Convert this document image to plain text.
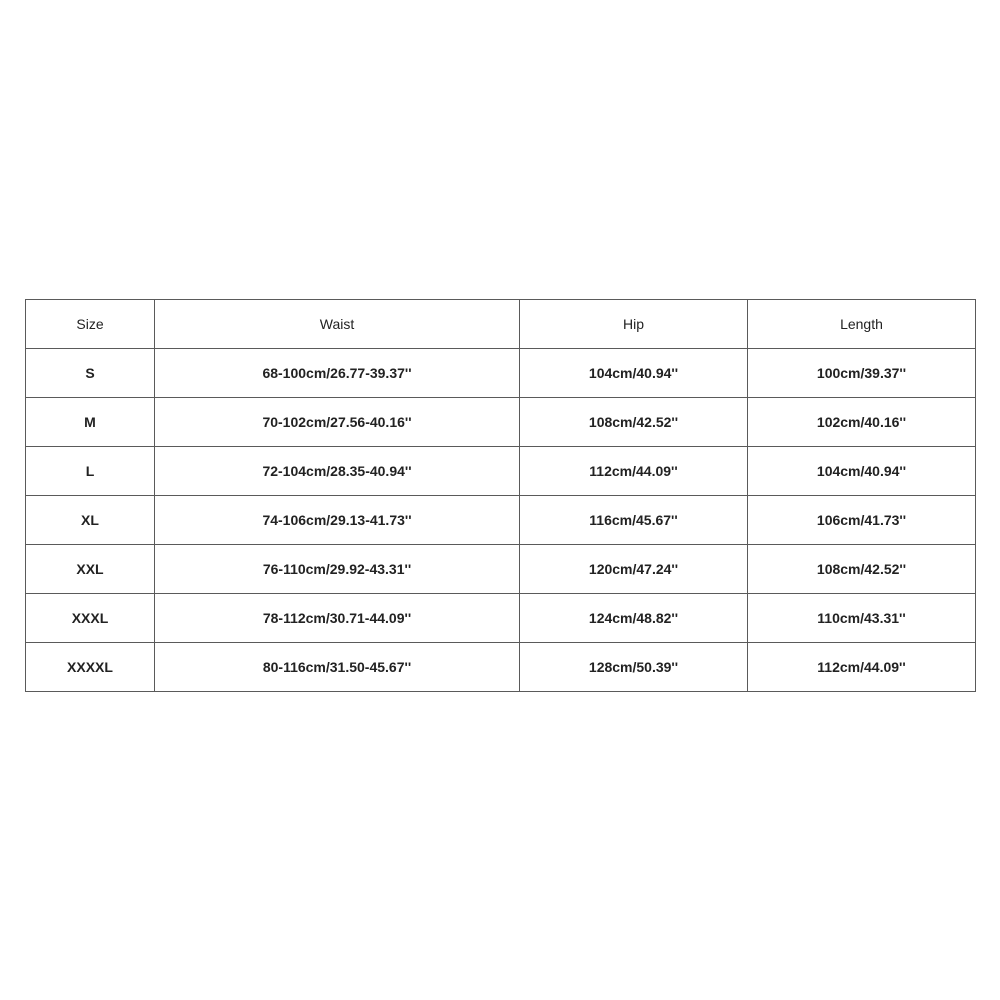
Size	Waist	Hip	Length
S	68-100cm/26.77-39.37''	104cm/40.94''	100cm/39.37''
M	70-102cm/27.56-40.16''	108cm/42.52''	102cm/40.16''
L	72-104cm/28.35-40.94''	112cm/44.09''	104cm/40.94''
XL	74-106cm/29.13-41.73''	116cm/45.67''	106cm/41.73''
XXL	76-110cm/29.92-43.31''	120cm/47.24''	108cm/42.52''
XXXL	78-112cm/30.71-44.09''	124cm/48.82''	110cm/43.31''
XXXXL	80-116cm/31.50-45.67''	128cm/50.39''	112cm/44.09''
